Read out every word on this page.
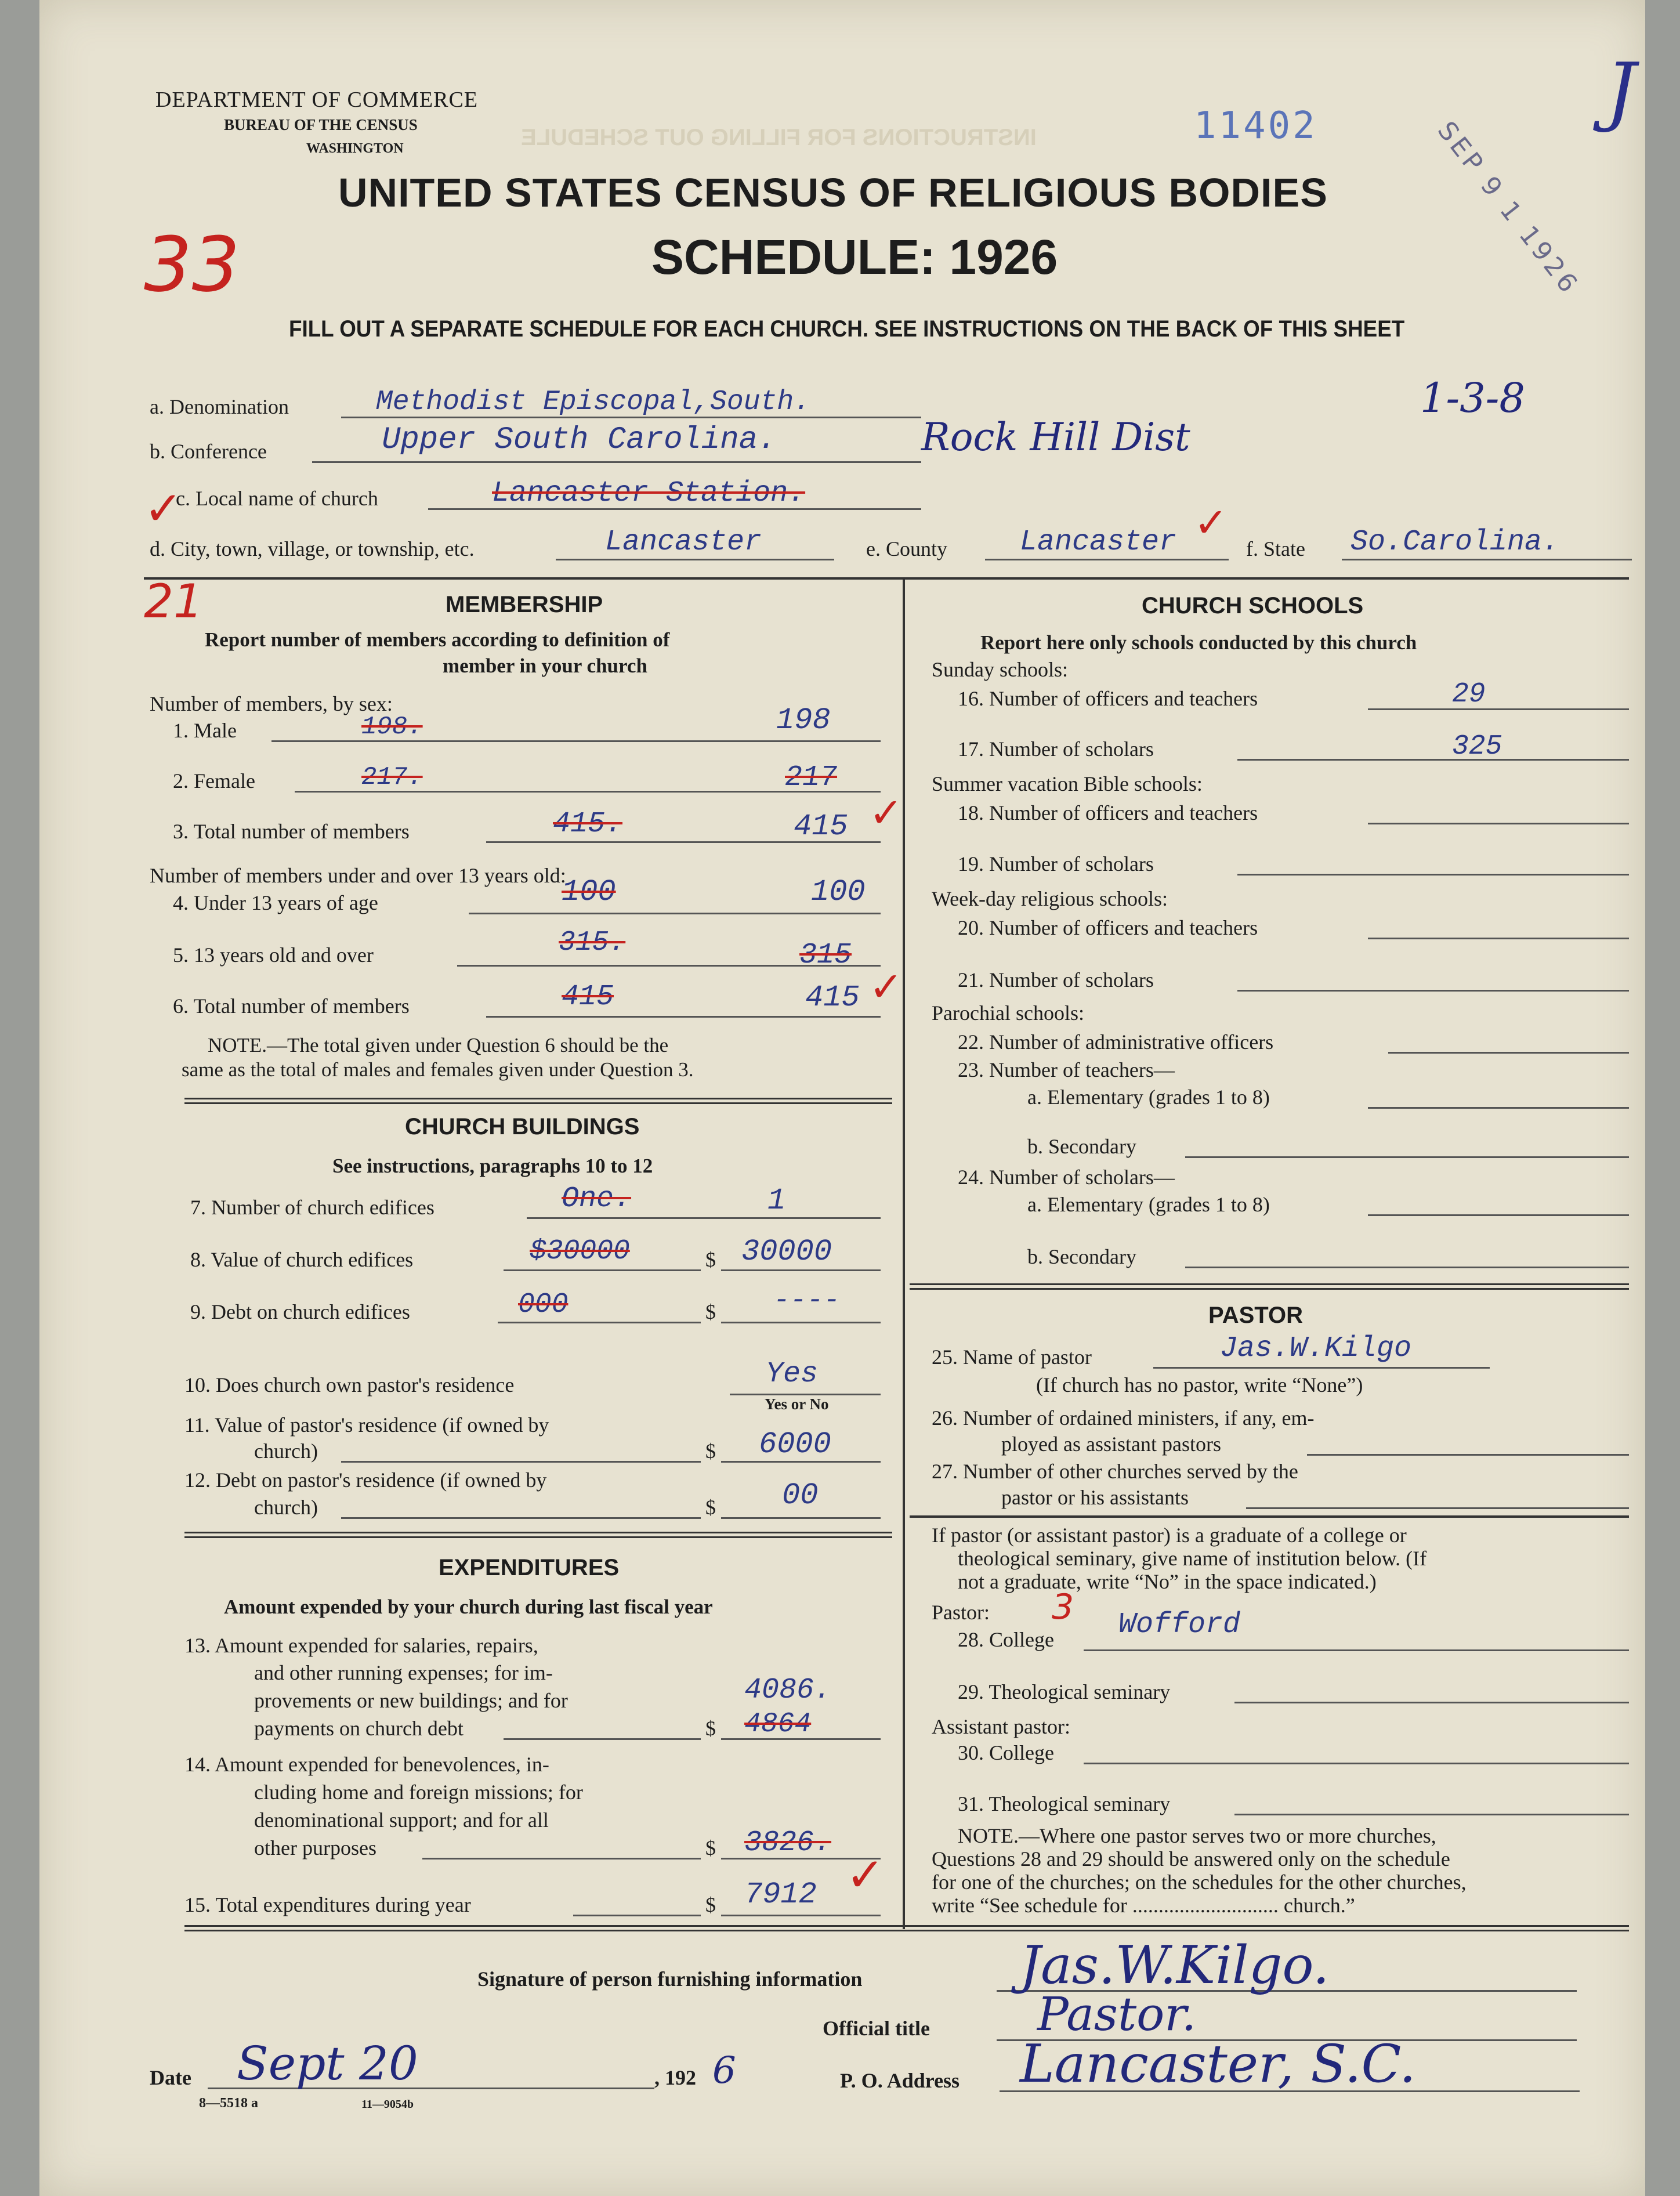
INSTRUCTIONS FOR FILLING OUT SCHEDULE
DEPARTMENT OF COMMERCE
BUREAU OF THE CENSUS
WASHINGTON
UNITED STATES CENSUS OF RELIGIOUS BODIES
SCHEDULE: 1926
FILL OUT A SEPARATE SCHEDULE FOR EACH CHURCH. SEE INSTRUCTIONS ON THE BACK OF THIS SHEET
11402	SEP 9 1 1926
J
33
21
✓
a. Denomination	Methodist Episcopal,South.
b. Conference	Upper South Carolina.	Rock Hill Dist
1-3-8
c. Local name of church	Lancaster Station.
d. City, town, village, or township, etc.	Lancaster	e. County	Lancaster ✓
f. State So.Carolina.
MEMBERSHIP
Report number of members according to definition of
member in your church
Number of members, by sex:
1. Male	198.	198
2. Female	217.	217
3. Total number of members	415.	415 ✓
Number of members under and over 13 years old:
4. Under 13 years of age	100	100
5. 13 years old and over	315.	315
6. Total number of members	415	415 ✓
NOTE.—The total given under Question 6 should be the
same as the total of males and females given under Question 3.
CHURCH BUILDINGS
See instructions, paragraphs 10 to 12
7. Number of church edifices	One.	1
8. Value of church edifices	$30000	$ 30000
9. Debt on church edifices	000	$ ----
10. Does church own pastor's residence	Yes
Yes or No
11. Value of pastor's residence (if owned by
church)	$ 6000
12. Debt on pastor's residence (if owned by
church)	$ 00
EXPENDITURES
Amount expended by your church during last fiscal year
13. Amount expended for salaries, repairs,
and other running expenses; for im-
provements or new buildings; and for
payments on church debt
4086.
$ 4864
14. Amount expended for benevolences, in-
cluding home and foreign missions; for
denominational support; and for all
other purposes	$ 3826.
15. Total expenditures during year	$ 7912 ✓
CHURCH SCHOOLS
Report here only schools conducted by this church
Sunday schools:
16. Number of officers and teachers	29
17. Number of scholars	325
Summer vacation Bible schools:
18. Number of officers and teachers
19. Number of scholars
Week-day religious schools:
20. Number of officers and teachers
21. Number of scholars
Parochial schools:
22. Number of administrative officers
23. Number of teachers—
a. Elementary (grades 1 to 8)
b. Secondary
24. Number of scholars—
a. Elementary (grades 1 to 8)
b. Secondary
PASTOR
25. Name of pastor	Jas.W.Kilgo
(If church has no pastor, write “None”)
26. Number of ordained ministers, if any, em-
ployed as assistant pastors
27. Number of other churches served by the
pastor or his assistants
If pastor (or assistant pastor) is a graduate of a college or
theological seminary, give name of institution below. (If
not a graduate, write “No” in the space indicated.)
Pastor: 3
28. College Wofford
29. Theological seminary
Assistant pastor:
30. College
31. Theological seminary
NOTE.—Where one pastor serves two or more churches,
Questions 28 and 29 should be answered only on the schedule
for one of the churches; on the schedules for the other churches,
write “See schedule for ............................ church.”
Signature of person furnishing information	Jas.W.Kilgo.
Official title Pastor.
Date Sept 20	, 192 6	P. O. Address Lancaster, S.C.
8—5518 a	11—9054b
